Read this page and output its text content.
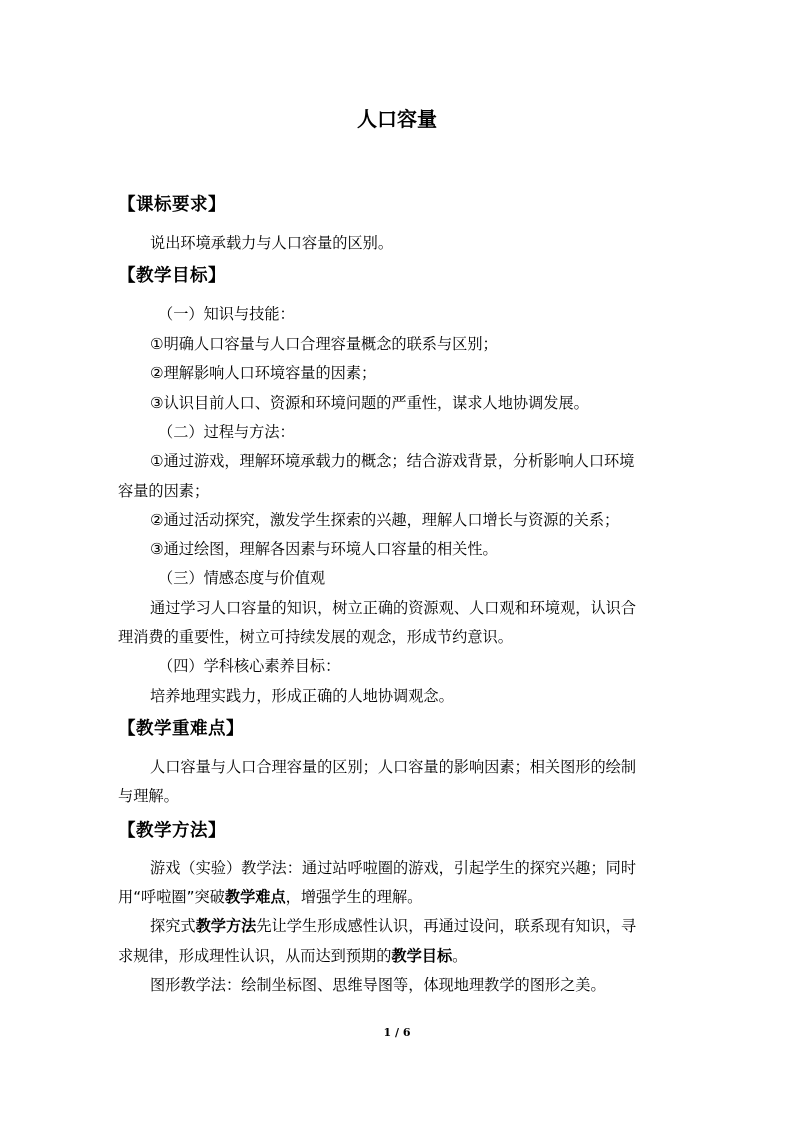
人口容量
【课标要求】
说出环境承载力与人口容量的区别。
【教学目标】
（一）知识与技能：
①明确人口容量与人口合理容量概念的联系与区别；
②理解影响人口环境容量的因素；
③认识目前人口、资源和环境问题的严重性，谋求人地协调发展。
（二）过程与方法：
①通过游戏，理解环境承载力的概念；结合游戏背景，分析影响人口环境
容量的因素；
②通过活动探究，激发学生探索的兴趣，理解人口增长与资源的关系；
③通过绘图，理解各因素与环境人口容量的相关性。
（三）情感态度与价值观
通过学习人口容量的知识，树立正确的资源观、人口观和环境观，认识合
理消费的重要性，树立可持续发展的观念，形成节约意识。
（四）学科核心素养目标：
培养地理实践力，形成正确的人地协调观念。
【教学重难点】
人口容量与人口合理容量的区别；人口容量的影响因素；相关图形的绘制
与理解。
【教学方法】
游戏（实验）教学法：通过站呼啦圈的游戏，引起学生的探究兴趣；同时
用“呼啦圈”突破教学难点，增强学生的理解。
探究式教学方法先让学生形成感性认识，再通过设问，联系现有知识，寻
求规律，形成理性认识，从而达到预期的教学目标。
图形教学法：绘制坐标图、思维导图等，体现地理教学的图形之美。
1 / 6
